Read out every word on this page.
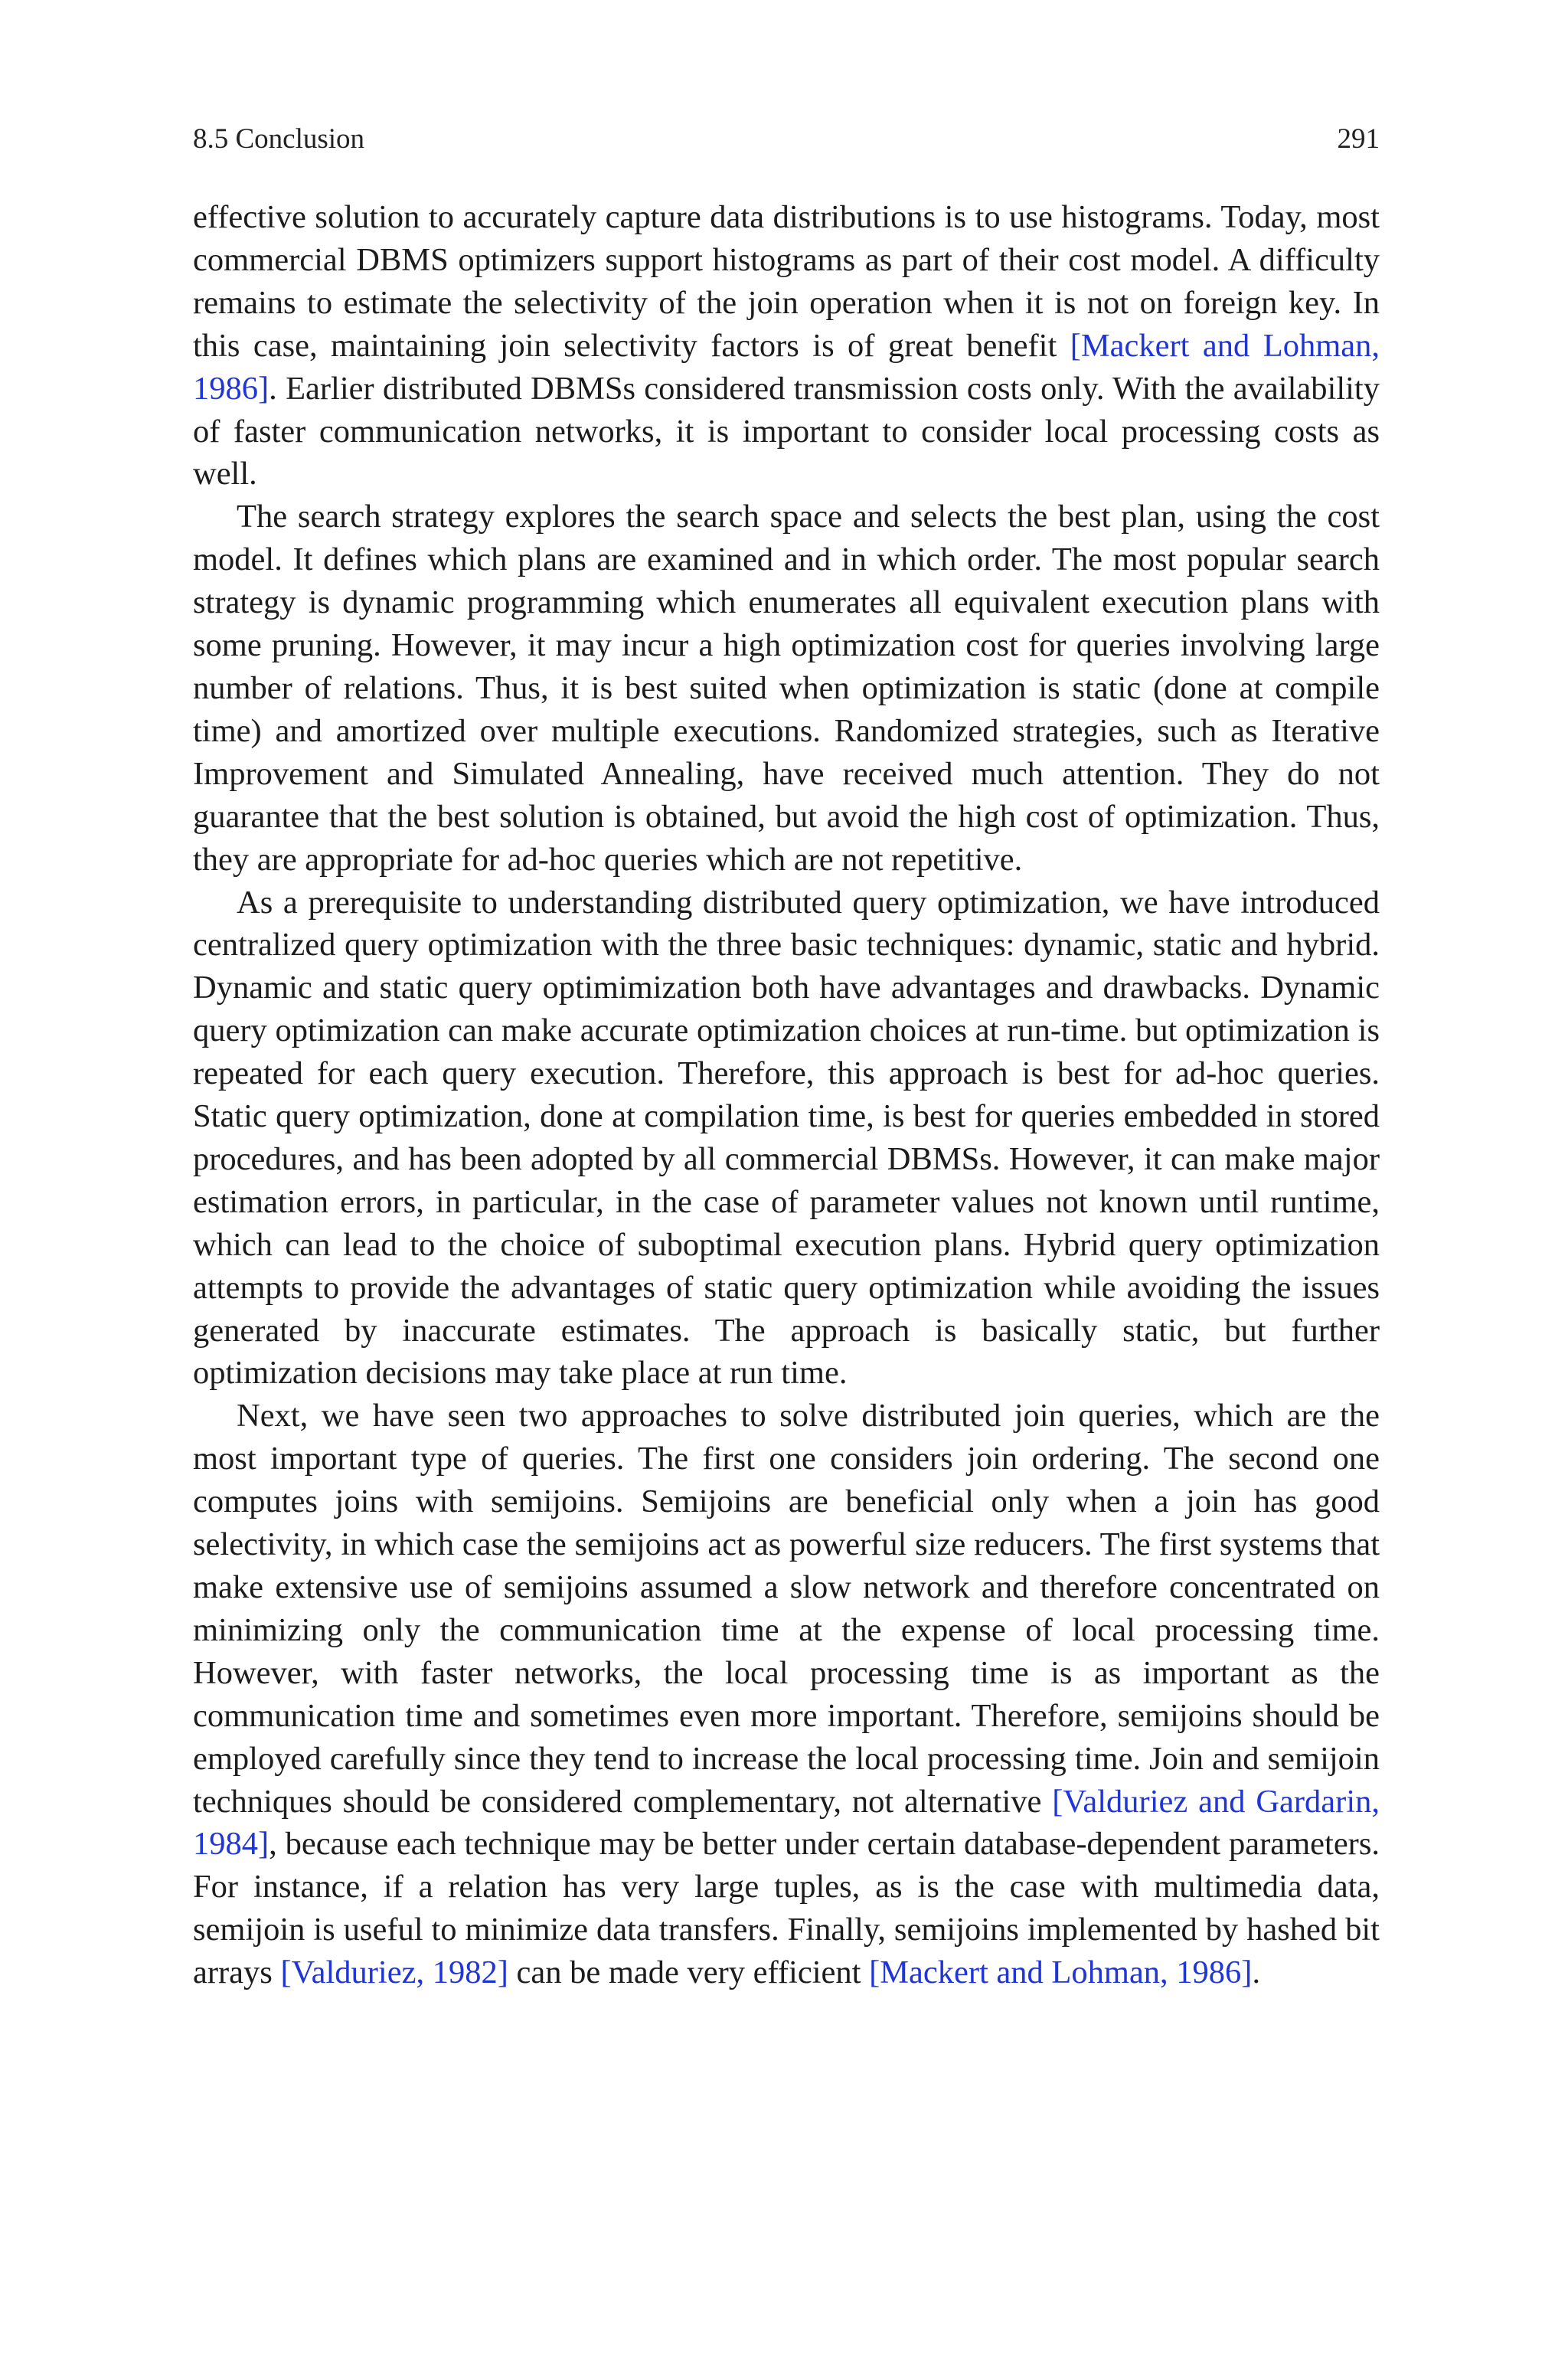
8.5 Conclusion	291

effective solution to accurately capture data distributions is to use histograms. Today, most commercial DBMS optimizers support histograms as part of their cost model. A difficulty remains to estimate the selectivity of the join operation when it is not on foreign key. In this case, maintaining join selectivity factors is of great benefit [Mackert and Lohman, 1986]. Earlier distributed DBMSs considered transmission costs only. With the availability of faster communication networks, it is important to consider local processing costs as well.

The search strategy explores the search space and selects the best plan, using the cost model. It defines which plans are examined and in which order. The most popular search strategy is dynamic programming which enumerates all equivalent execution plans with some pruning. However, it may incur a high optimization cost for queries involving large number of relations. Thus, it is best suited when optimization is static (done at compile time) and amortized over multiple executions. Randomized strategies, such as Iterative Improvement and Simulated Annealing, have received much attention. They do not guarantee that the best solution is obtained, but avoid the high cost of optimization. Thus, they are appropriate for ad-hoc queries which are not repetitive.

As a prerequisite to understanding distributed query optimization, we have introduced centralized query optimization with the three basic techniques: dynamic, static and hybrid. Dynamic and static query optimimization both have advantages and drawbacks. Dynamic query optimization can make accurate optimization choices at run-time. but optimization is repeated for each query execution. Therefore, this approach is best for ad-hoc queries. Static query optimization, done at compilation time, is best for queries embedded in stored procedures, and has been adopted by all commercial DBMSs. However, it can make major estimation errors, in particular, in the case of parameter values not known until runtime, which can lead to the choice of suboptimal execution plans. Hybrid query optimization attempts to provide the advantages of static query optimization while avoiding the issues generated by inaccurate estimates. The approach is basically static, but further optimization decisions may take place at run time.

Next, we have seen two approaches to solve distributed join queries, which are the most important type of queries. The first one considers join ordering. The second one computes joins with semijoins. Semijoins are beneficial only when a join has good selectivity, in which case the semijoins act as powerful size reducers. The first systems that make extensive use of semijoins assumed a slow network and therefore concentrated on minimizing only the communication time at the expense of local processing time. However, with faster networks, the local processing time is as important as the communication time and sometimes even more important. Therefore, semijoins should be employed carefully since they tend to increase the local processing time. Join and semijoin techniques should be considered complementary, not alternative [Valduriez and Gardarin, 1984], because each technique may be better under certain database-dependent parameters. For instance, if a relation has very large tuples, as is the case with multimedia data, semijoin is useful to minimize data transfers. Finally, semijoins implemented by hashed bit arrays [Valduriez, 1982] can be made very efficient [Mackert and Lohman, 1986].
